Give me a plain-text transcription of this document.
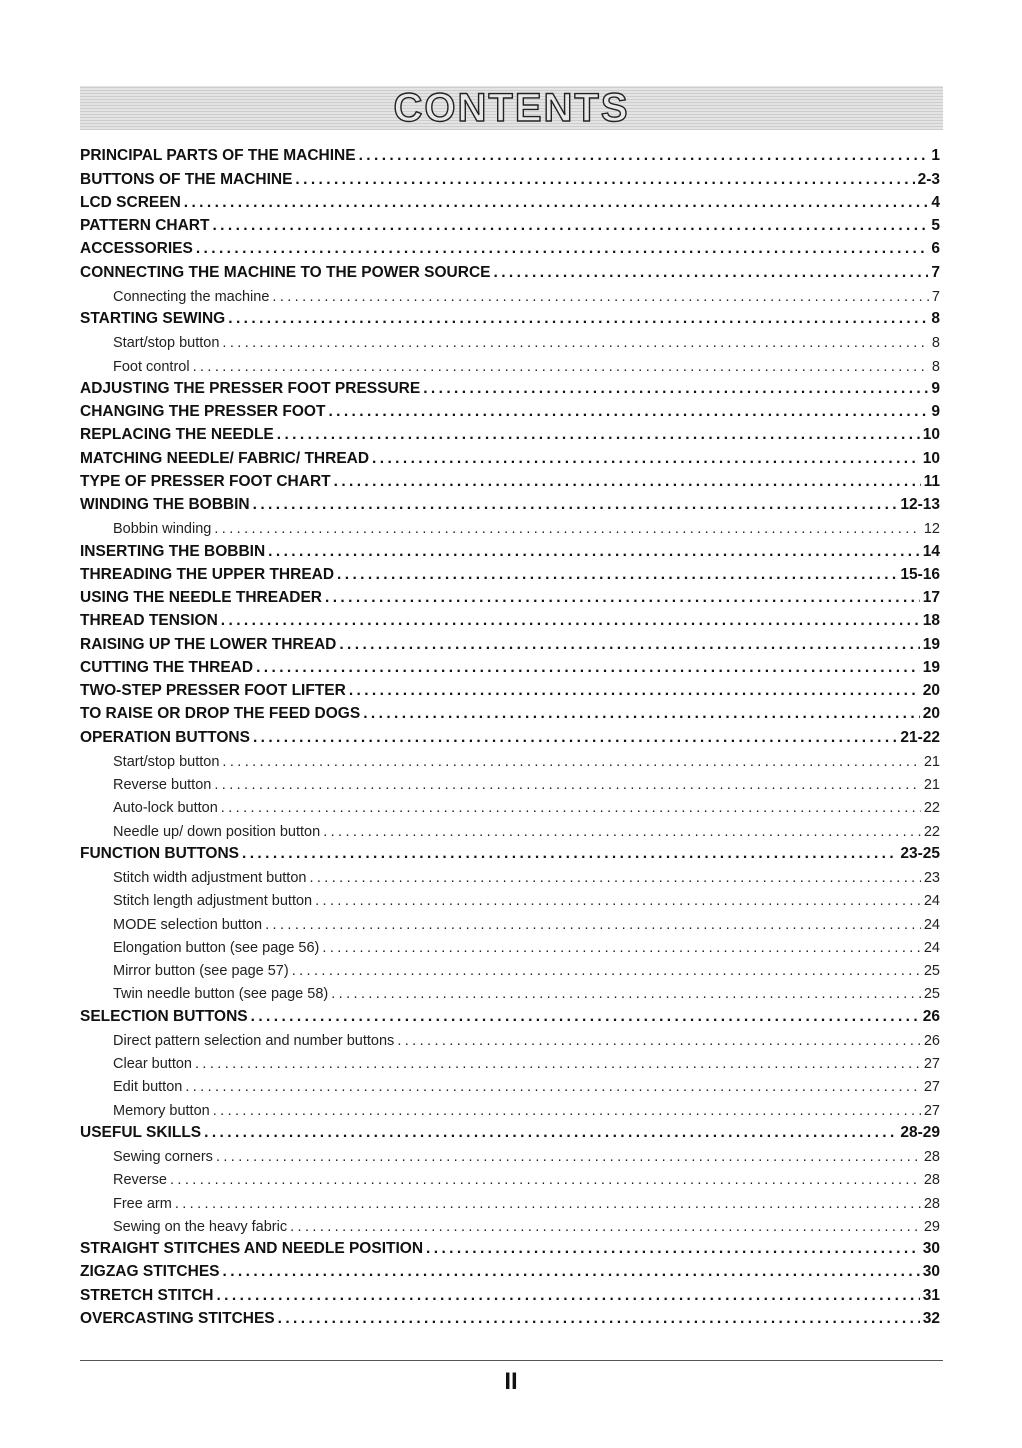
CONTENTS
PRINCIPAL PARTS OF THE MACHINE .....	1
BUTTONS OF THE MACHINE .....	2-3
LCD SCREEN .....	4
PATTERN CHART .....	5
ACCESSORIES .....	6
CONNECTING THE MACHINE TO THE POWER SOURCE .....	7
Connecting the machine .....	7
STARTING SEWING .....	8
Start/stop button .....	8
Foot control .....	8
ADJUSTING THE PRESSER FOOT PRESSURE .....	9
CHANGING THE PRESSER FOOT .....	9
REPLACING THE NEEDLE .....	10
MATCHING NEEDLE/ FABRIC/ THREAD .....	10
TYPE OF PRESSER FOOT CHART .....	11
WINDING THE BOBBIN .....	12-13
Bobbin winding .....	12
INSERTING THE BOBBIN .....	14
THREADING THE UPPER THREAD .....	15-16
USING THE NEEDLE THREADER .....	17
THREAD TENSION .....	18
RAISING UP THE LOWER THREAD .....	19
CUTTING THE THREAD .....	19
TWO-STEP PRESSER FOOT LIFTER .....	20
TO RAISE OR DROP THE FEED DOGS .....	20
OPERATION BUTTONS .....	21-22
Start/stop button .....	21
Reverse button .....	21
Auto-lock button .....	22
Needle up/ down position button .....	22
FUNCTION BUTTONS .....	23-25
Stitch width adjustment button .....	23
Stitch length adjustment button .....	24
MODE selection button .....	24
Elongation button (see page 56) .....	24
Mirror button (see page 57) .....	25
Twin needle button (see page 58) .....	25
SELECTION BUTTONS .....	26
Direct pattern selection and number buttons .....	26
Clear button .....	27
Edit button .....	27
Memory button .....	27
USEFUL SKILLS .....	28-29
Sewing corners .....	28
Reverse .....	28
Free arm .....	28
Sewing on the heavy fabric .....	29
STRAIGHT STITCHES AND NEEDLE POSITION .....	30
ZIGZAG STITCHES .....	30
STRETCH STITCH .....	31
OVERCASTING STITCHES .....	32
II
